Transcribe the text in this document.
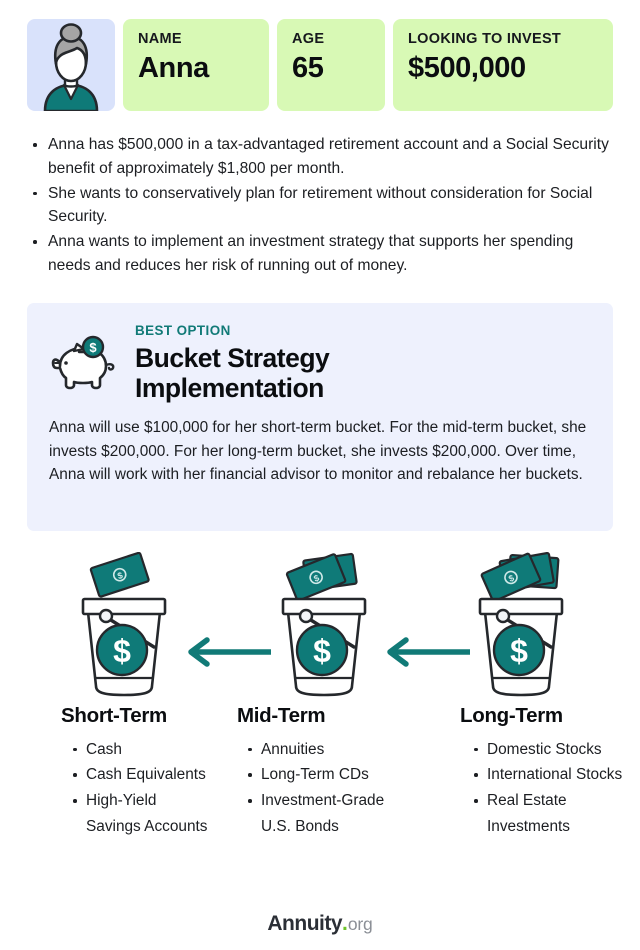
NAME
Anna
AGE
65
LOOKING TO INVEST
$500,000
Anna has $500,000 in a tax-advantaged retirement account and a Social Security benefit of approximately $1,800 per month.
She wants to conservatively plan for retirement without consideration for Social Security.
Anna wants to implement an investment strategy that supports her spending needs and reduces her risk of running out of money.
$
BEST OPTION
Bucket Strategy Implementation
Anna will use $100,000 for her short-term bucket. For the mid-term bucket, she invests $200,000. For her long-term bucket, she invests $200,000. Over time, Anna will work with her financial advisor to monitor and rebalance her buckets.
$
$
$
$
$
$
Short-Term
Cash
Cash Equivalents
High-Yield Savings Accounts
Mid-Term
Annuities
Long-Term CDs
Investment-Grade U.S. Bonds
Long-Term
Domestic Stocks
International Stocks
Real Estate Investments
Annuity.org
